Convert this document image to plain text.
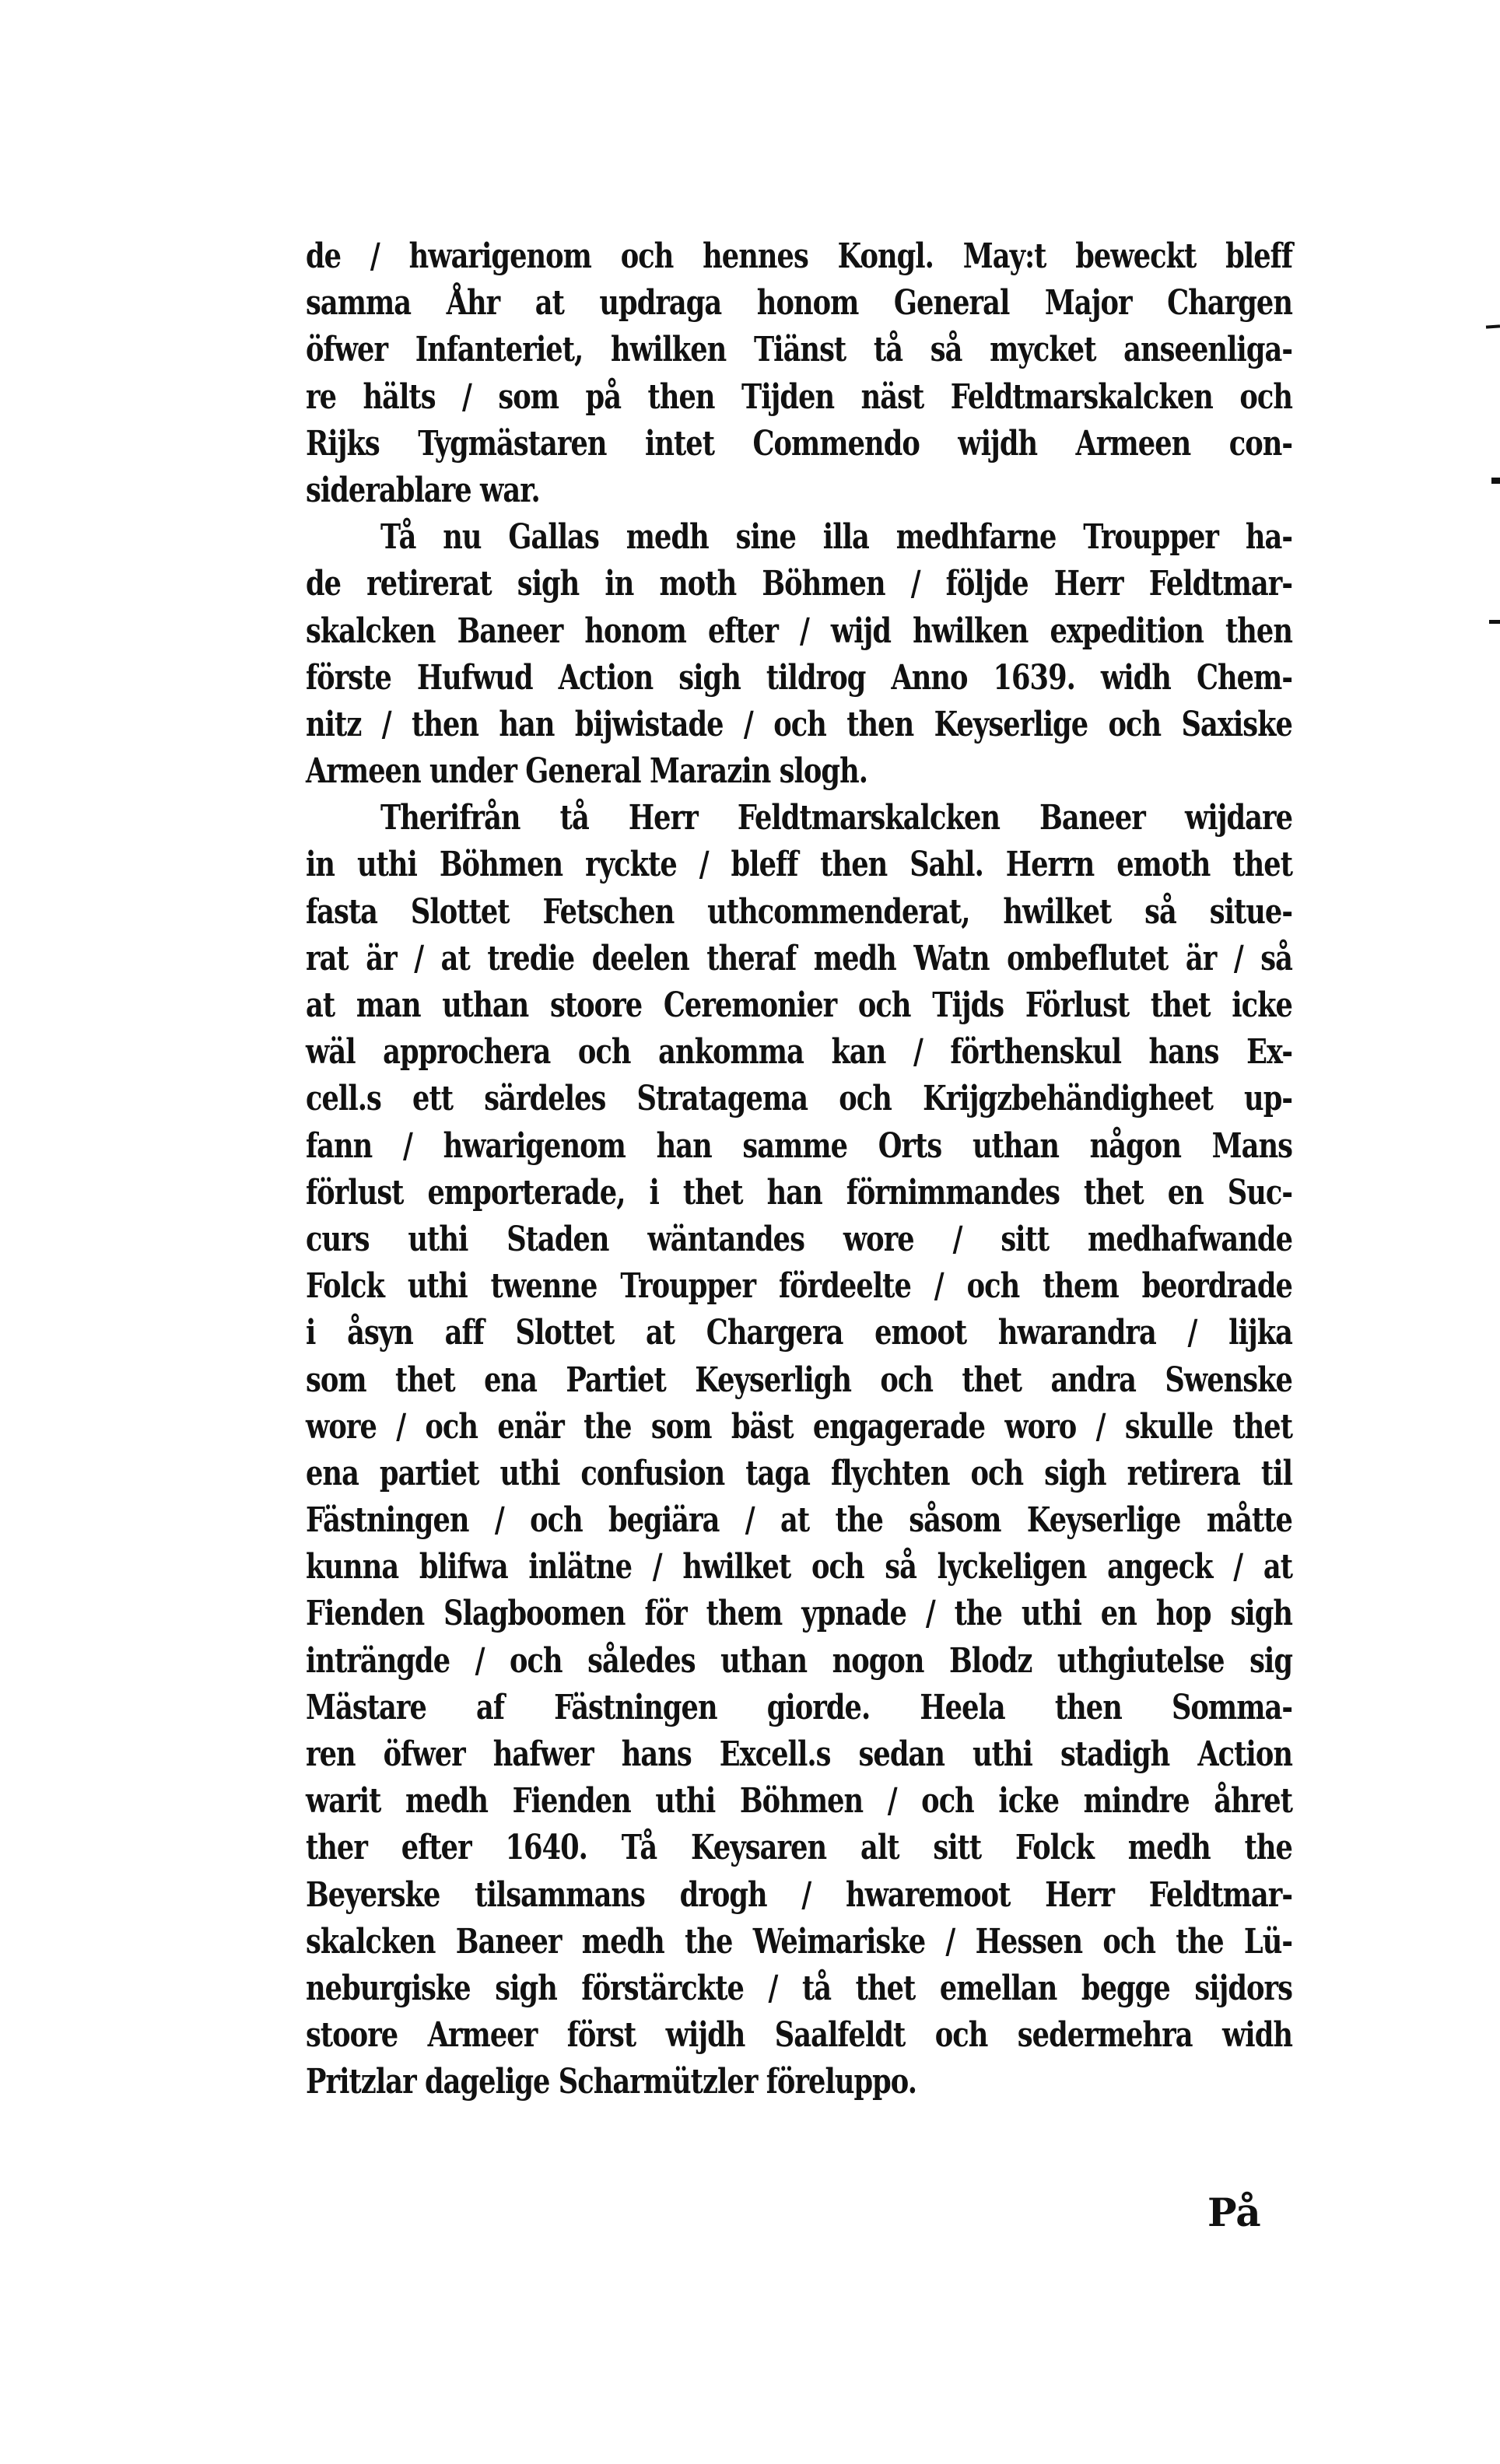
de / hwarigenom och hennes Kongl. May:t beweckt bleff
samma Åhr at updraga honom General Major Chargen
öfwer Infanteriet, hwilken Tiänst tå så mycket anseenliga-
re hälts / som på then Tijden näst Feldtmarskalcken och
Rijks Tygmästaren intet Commendo wijdh Armeen con-
siderablare war.
Tå nu Gallas medh sine illa medhfarne Troupper ha-
de retirerat sigh in moth Böhmen / följde Herr Feldtmar-
skalcken Baneer honom efter / wijd hwilken expedition then
förste Hufwud Action sigh tildrog Anno 1639. widh Chem-
nitz / then han bijwistade / och then Keyserlige och Saxiske
Armeen under General Marazin slogh.
Therifrån tå Herr Feldtmarskalcken Baneer wijdare
in uthi Böhmen ryckte / bleff then Sahl. Herrn emoth thet
fasta Slottet Fetschen uthcommenderat, hwilket så situe-
rat är / at tredie deelen theraf medh Watn ombeflutet är / så
at man uthan stoore Ceremonier och Tijds Förlust thet icke
wäl approchera och ankomma kan / förthenskul hans Ex-
cell.s ett särdeles Stratagema och Krijgzbehändigheet up-
fann / hwarigenom han samme Orts uthan någon Mans
förlust emporterade, i thet han förnimmandes thet en Suc-
curs uthi Staden wäntandes wore / sitt medhafwande
Folck uthi twenne Troupper fördeelte / och them beordrade
i åsyn aff Slottet at Chargera emoot hwarandra / lijka
som thet ena Partiet Keyserligh och thet andra Swenske
wore / och enär the som bäst engagerade woro / skulle thet
ena partiet uthi confusion taga flychten och sigh retirera til
Fästningen / och begiära / at the såsom Keyserlige måtte
kunna blifwa inlätne / hwilket och så lyckeligen angeck / at
Fienden Slagboomen för them ypnade / the uthi en hop sigh
inträngde / och således uthan nogon Blodz uthgiutelse sig
Mästare af Fästningen giorde. Heela then Somma-
ren öfwer hafwer hans Excell.s sedan uthi stadigh Action
warit medh Fienden uthi Böhmen / och icke mindre åhret
ther efter 1640. Tå Keysaren alt sitt Folck medh the
Beyerske tilsammans drogh / hwaremoot Herr Feldtmar-
skalcken Baneer medh the Weimariske / Hessen och the Lü-
neburgiske sigh förstärckte / tå thet emellan begge sijdors
stoore Armeer först wijdh Saalfeldt och sedermehra widh
Pritzlar dagelige Scharmützler föreluppo.
På
